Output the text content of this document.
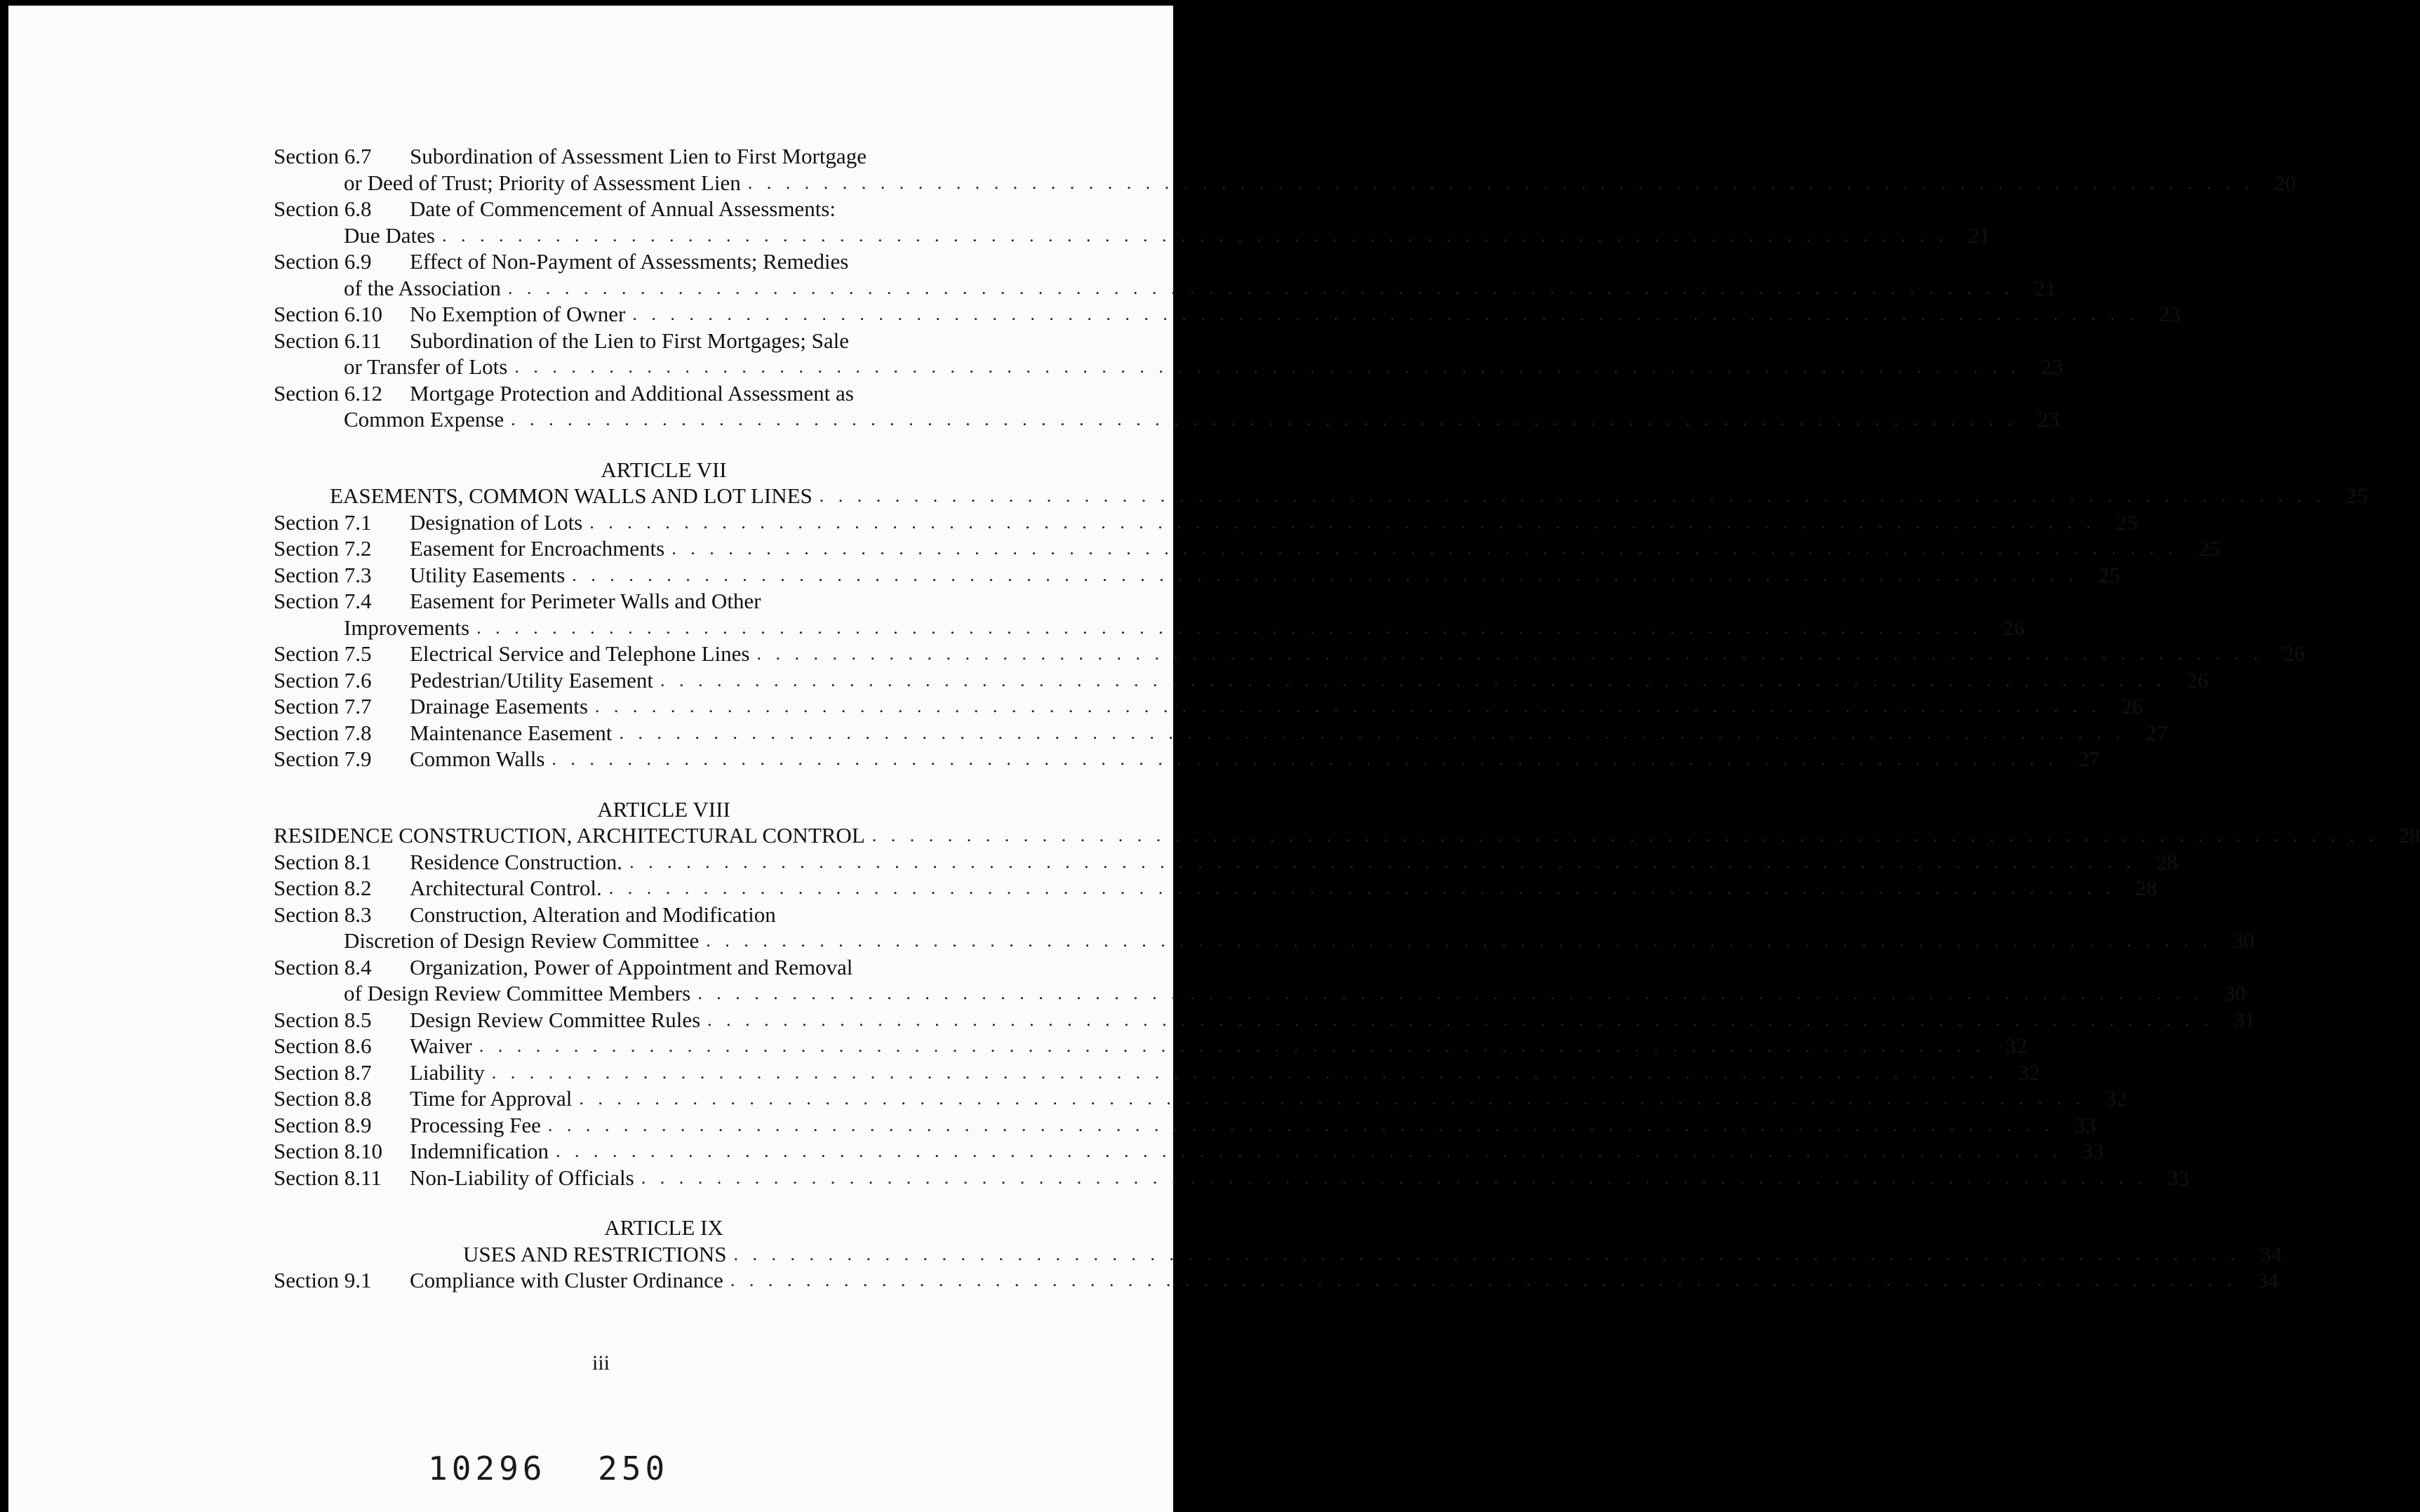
Section 6.7	Subordination of Assessment Lien to First Mortgage
or Deed of Trust; Priority of Assessment Lien . . . . . . . . . . . . . . . . . . . . . . . . . . . . . . . . . . . . . . . . . . . . . . . . . . . . . . . . . . . . . . . . . . . . . . . . . . . . . . . . 20
Section 6.8	Date of Commencement of Annual Assessments:
Due Dates . . . . . . . . . . . . . . . . . . . . . . . . . . . . . . . . . . . . . . . . . . . . . . . . . . . . . . . . . . . . . . . . . . . . . . . . . . . . . . . . 21
Section 6.9	Effect of Non-Payment of Assessments; Remedies
of the Association . . . . . . . . . . . . . . . . . . . . . . . . . . . . . . . . . . . . . . . . . . . . . . . . . . . . . . . . . . . . . . . . . . . . . . . . . . . . . . . . 21
Section 6.10	No Exemption of Owner . . . . . . . . . . . . . . . . . . . . . . . . . . . . . . . . . . . . . . . . . . . . . . . . . . . . . . . . . . . . . . . . . . . . . . . . . . . . . . . . 23
Section 6.11	Subordination of the Lien to First Mortgages; Sale
or Transfer of Lots . . . . . . . . . . . . . . . . . . . . . . . . . . . . . . . . . . . . . . . . . . . . . . . . . . . . . . . . . . . . . . . . . . . . . . . . . . . . . . . . 23
Section 6.12	Mortgage Protection and Additional Assessment as
Common Expense . . . . . . . . . . . . . . . . . . . . . . . . . . . . . . . . . . . . . . . . . . . . . . . . . . . . . . . . . . . . . . . . . . . . . . . . . . . . . . . . 23
ARTICLE VII
EASEMENTS, COMMON WALLS AND LOT LINES . . . . . . . . . . . . . . . . . . . . . . . . . . . . . . . . . . . . . . . . . . . . . . . . . . . . . . . . . . . . . . . . . . . . . . . . . . . . . . . . 25
Section 7.1	Designation of Lots . . . . . . . . . . . . . . . . . . . . . . . . . . . . . . . . . . . . . . . . . . . . . . . . . . . . . . . . . . . . . . . . . . . . . . . . . . . . . . . . 25
Section 7.2	Easement for Encroachments . . . . . . . . . . . . . . . . . . . . . . . . . . . . . . . . . . . . . . . . . . . . . . . . . . . . . . . . . . . . . . . . . . . . . . . . . . . . . . . . 25
Section 7.3	Utility Easements . . . . . . . . . . . . . . . . . . . . . . . . . . . . . . . . . . . . . . . . . . . . . . . . . . . . . . . . . . . . . . . . . . . . . . . . . . . . . . . . 25
Section 7.4	Easement for Perimeter Walls and Other
Improvements . . . . . . . . . . . . . . . . . . . . . . . . . . . . . . . . . . . . . . . . . . . . . . . . . . . . . . . . . . . . . . . . . . . . . . . . . . . . . . . . 26
Section 7.5	Electrical Service and Telephone Lines . . . . . . . . . . . . . . . . . . . . . . . . . . . . . . . . . . . . . . . . . . . . . . . . . . . . . . . . . . . . . . . . . . . . . . . . . . . . . . . . 26
Section 7.6	Pedestrian/Utility Easement . . . . . . . . . . . . . . . . . . . . . . . . . . . . . . . . . . . . . . . . . . . . . . . . . . . . . . . . . . . . . . . . . . . . . . . . . . . . . . . . 26
Section 7.7	Drainage Easements . . . . . . . . . . . . . . . . . . . . . . . . . . . . . . . . . . . . . . . . . . . . . . . . . . . . . . . . . . . . . . . . . . . . . . . . . . . . . . . . 26
Section 7.8	Maintenance Easement . . . . . . . . . . . . . . . . . . . . . . . . . . . . . . . . . . . . . . . . . . . . . . . . . . . . . . . . . . . . . . . . . . . . . . . . . . . . . . . . 27
Section 7.9	Common Walls . . . . . . . . . . . . . . . . . . . . . . . . . . . . . . . . . . . . . . . . . . . . . . . . . . . . . . . . . . . . . . . . . . . . . . . . . . . . . . . . 27
ARTICLE VIII
RESIDENCE CONSTRUCTION, ARCHITECTURAL CONTROL . . . . . . . . . . . . . . . . . . . . . . . . . . . . . . . . . . . . . . . . . . . . . . . . . . . . . . . . . . . . . . . . . . . . . . . . . . . . . . . . 28
Section 8.1	Residence Construction. . . . . . . . . . . . . . . . . . . . . . . . . . . . . . . . . . . . . . . . . . . . . . . . . . . . . . . . . . . . . . . . . . . . . . . . . . . . . . . . . 28
Section 8.2	Architectural Control. . . . . . . . . . . . . . . . . . . . . . . . . . . . . . . . . . . . . . . . . . . . . . . . . . . . . . . . . . . . . . . . . . . . . . . . . . . . . . . . . 28
Section 8.3	Construction, Alteration and Modification
Discretion of Design Review Committee . . . . . . . . . . . . . . . . . . . . . . . . . . . . . . . . . . . . . . . . . . . . . . . . . . . . . . . . . . . . . . . . . . . . . . . . . . . . . . . . 30
Section 8.4	Organization, Power of Appointment and Removal
of Design Review Committee Members . . . . . . . . . . . . . . . . . . . . . . . . . . . . . . . . . . . . . . . . . . . . . . . . . . . . . . . . . . . . . . . . . . . . . . . . . . . . . . . . 30
Section 8.5	Design Review Committee Rules . . . . . . . . . . . . . . . . . . . . . . . . . . . . . . . . . . . . . . . . . . . . . . . . . . . . . . . . . . . . . . . . . . . . . . . . . . . . . . . . 31
Section 8.6	Waiver . . . . . . . . . . . . . . . . . . . . . . . . . . . . . . . . . . . . . . . . . . . . . . . . . . . . . . . . . . . . . . . . . . . . . . . . . . . . . . . . 32
Section 8.7	Liability . . . . . . . . . . . . . . . . . . . . . . . . . . . . . . . . . . . . . . . . . . . . . . . . . . . . . . . . . . . . . . . . . . . . . . . . . . . . . . . . 32
Section 8.8	Time for Approval . . . . . . . . . . . . . . . . . . . . . . . . . . . . . . . . . . . . . . . . . . . . . . . . . . . . . . . . . . . . . . . . . . . . . . . . . . . . . . . . 32
Section 8.9	Processing Fee . . . . . . . . . . . . . . . . . . . . . . . . . . . . . . . . . . . . . . . . . . . . . . . . . . . . . . . . . . . . . . . . . . . . . . . . . . . . . . . . 33
Section 8.10	Indemnification . . . . . . . . . . . . . . . . . . . . . . . . . . . . . . . . . . . . . . . . . . . . . . . . . . . . . . . . . . . . . . . . . . . . . . . . . . . . . . . . 33
Section 8.11	Non-Liability of Officials . . . . . . . . . . . . . . . . . . . . . . . . . . . . . . . . . . . . . . . . . . . . . . . . . . . . . . . . . . . . . . . . . . . . . . . . . . . . . . . . 33
ARTICLE IX
USES AND RESTRICTIONS . . . . . . . . . . . . . . . . . . . . . . . . . . . . . . . . . . . . . . . . . . . . . . . . . . . . . . . . . . . . . . . . . . . . . . . . . . . . . . . . 34
Section 9.1	Compliance with Cluster Ordinance . . . . . . . . . . . . . . . . . . . . . . . . . . . . . . . . . . . . . . . . . . . . . . . . . . . . . . . . . . . . . . . . . . . . . . . . . . . . . . . . 34
iii
10296 250
